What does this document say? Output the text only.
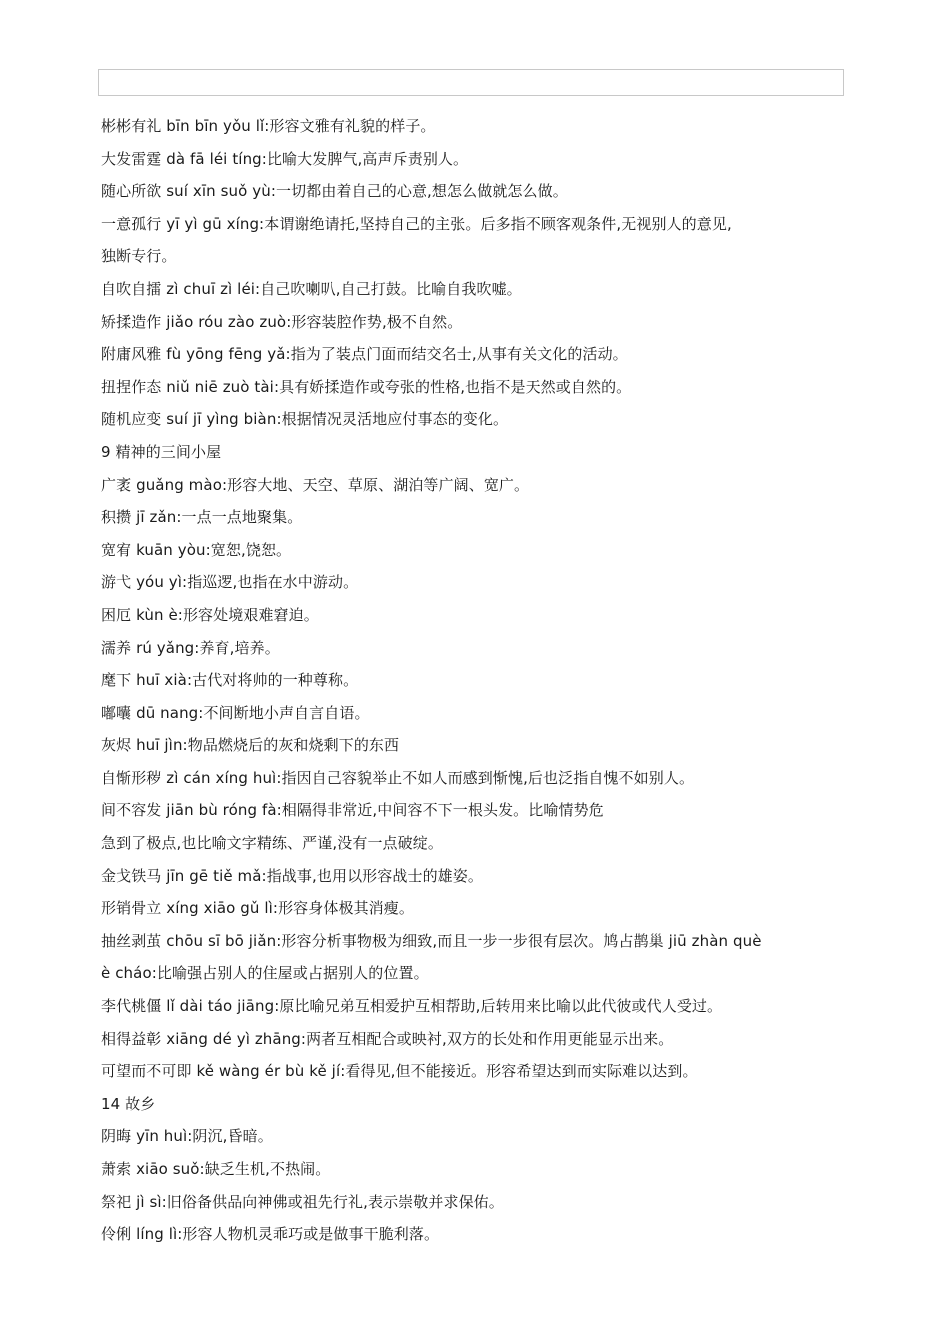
彬彬有礼 bīn bīn yǒu lǐ:形容文雅有礼貌的样子。
大发雷霆 dà fā léi tíng:比喻大发脾气,高声斥责别人。
随心所欲 suí xīn suǒ yù:一切都由着自己的心意,想怎么做就怎么做。
一意孤行 yī yì gū xíng:本谓谢绝请托,坚持自己的主张。后多指不顾客观条件,无视别人的意见,
独断专行。
自吹自擂 zì chuī zì léi:自己吹喇叭,自己打鼓。比喻自我吹嘘。
矫揉造作 jiǎo róu zào zuò:形容装腔作势,极不自然。
附庸风雅 fù yōng fēng yǎ:指为了装点门面而结交名士,从事有关文化的活动。
扭捏作态 niǔ niē zuò tài:具有娇揉造作或夸张的性格,也指不是天然或自然的。
随机应变 suí jī yìng biàn:根据情况灵活地应付事态的变化。
9 精神的三间小屋
广袤 guǎng mào:形容大地、天空、草原、湖泊等广阔、宽广。
积攒 jī zǎn:一点一点地聚集。
宽宥 kuān yòu:宽恕,饶恕。
游弋 yóu yì:指巡逻,也指在水中游动。
困厄 kùn è:形容处境艰难窘迫。
濡养 rú yǎng:养育,培养。
麾下 huī xià:古代对将帅的一种尊称。
嘟囔 dū nang:不间断地小声自言自语。
灰烬 huī jìn:物品燃烧后的灰和烧剩下的东西
自惭形秽 zì cán xíng huì:指因自己容貌举止不如人而感到惭愧,后也泛指自愧不如别人。
间不容发 jiān bù róng fà:相隔得非常近,中间容不下一根头发。比喻情势危
急到了极点,也比喻文字精练、严谨,没有一点破绽。
金戈铁马 jīn gē tiě mǎ:指战事,也用以形容战士的雄姿。
形销骨立 xíng xiāo gǔ lì:形容身体极其消瘦。
抽丝剥茧 chōu sī bō jiǎn:形容分析事物极为细致,而且一步一步很有层次。鸠占鹊巢 jiū zhàn què
è cháo:比喻强占别人的住屋或占据别人的位置。
李代桃僵 lǐ dài táo jiāng:原比喻兄弟互相爱护互相帮助,后转用来比喻以此代彼或代人受过。
相得益彰 xiāng dé yì zhāng:两者互相配合或映衬,双方的长处和作用更能显示出来。
可望而不可即 kě wàng ér bù kě jí:看得见,但不能接近。形容希望达到而实际难以达到。
14 故乡
阴晦 yīn huì:阴沉,昏暗。
萧索 xiāo suǒ:缺乏生机,不热闹。
祭祀 jì sì:旧俗备供品向神佛或祖先行礼,表示崇敬并求保佑。
伶俐 líng lì:形容人物机灵乖巧或是做事干脆利落。
